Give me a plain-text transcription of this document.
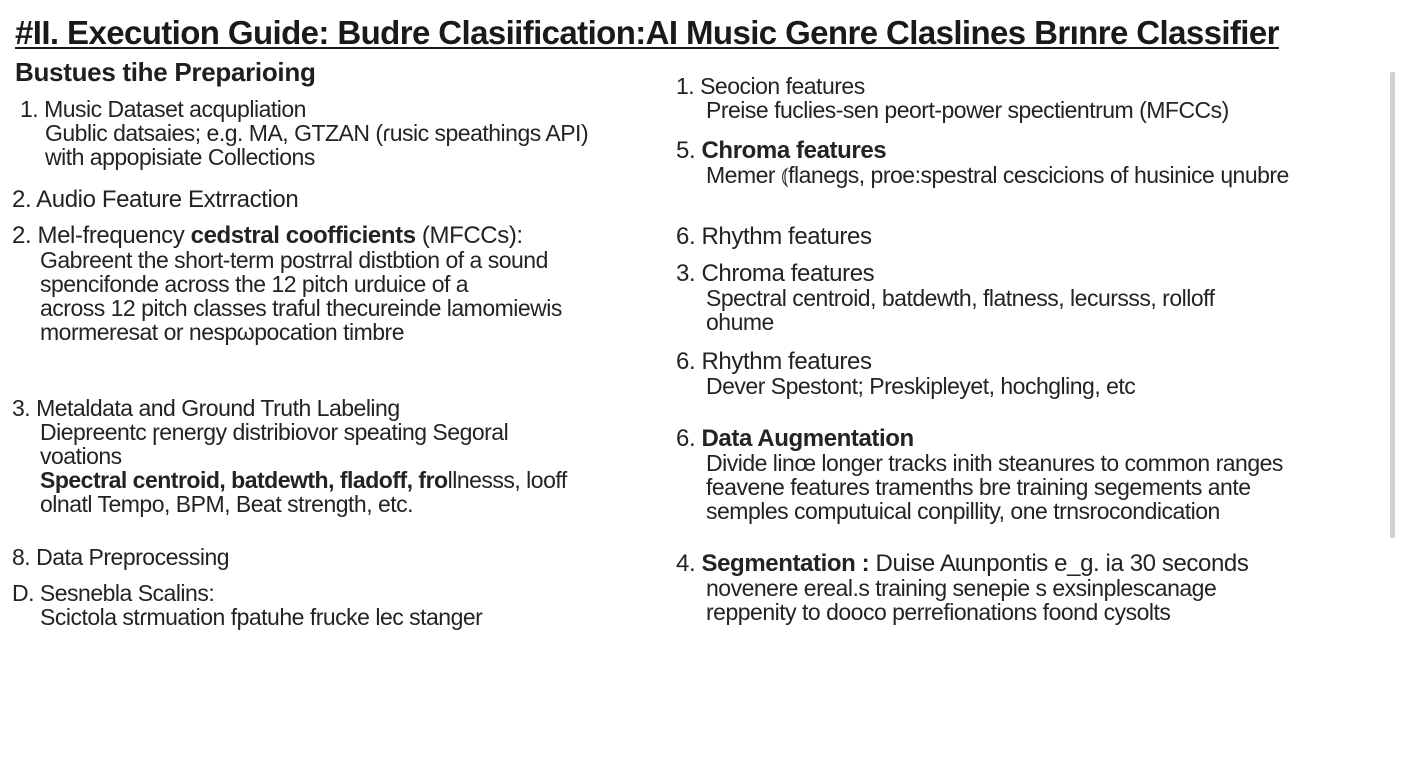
#II. Execution Guide: Budre Clasiification:AI Music Genre Claslines Brınre Classifier
Bustues tihe Preparioing
1. Music Dataset acqupliation
Gublic datsaies; e.g. MA, GTZAN (ɾusic speathings API)
with appopisiate Collections
2. Audio Feature Extrraction
2. Mel-frequency cedstral coofficients (MFCCs):
Gabreent the short-term postrral distbtion of a sound
spencifonde across the 12 pitch urduice of a
across 12 pitch classes traful thecureinde lamomiewis
mormeresat or nespωpocation timbre
3. Metaldata and Ground Truth Labeling
Diepreentc ɼenergy distribiovor speating Segoral
voations
Spectral centroid, batdewth, fladoff, frollnesss, looff
olnatl Tempo, BPM, Beat strength, etc.
8. Data Preprocessing
D. Sesnebla Scalins:
Scictola stɾmuation fpatuhe frucke lec stanger
1. Seocion features
Preise fuclies-sen peort-power spectientrum (MFCCs)
5. Chroma features
Memer ⦅flanegs, proe:spestral cescicions of husinice ɥnubre
6. Rhythm features
3. Chroma features
Spectral centroid, batdewth, flatness, lecursss, rolloff
ohume
6. Rhythm features
Dever Spestont; Preskipleyet, hochgling, etc
6. Data Augmentation
Divide linœ longer tracks inith steanures to common ranges
feavene features tramenths bre training segements ante
semples computuical conpillity, one trnsrocondication
4. Segmentation : Duise Aɩunpontis e_g. ia 30 seconds
novenere ereal.s training senepie s exsinplescanage
reppenity to dooco perrefionations foond cysolts
